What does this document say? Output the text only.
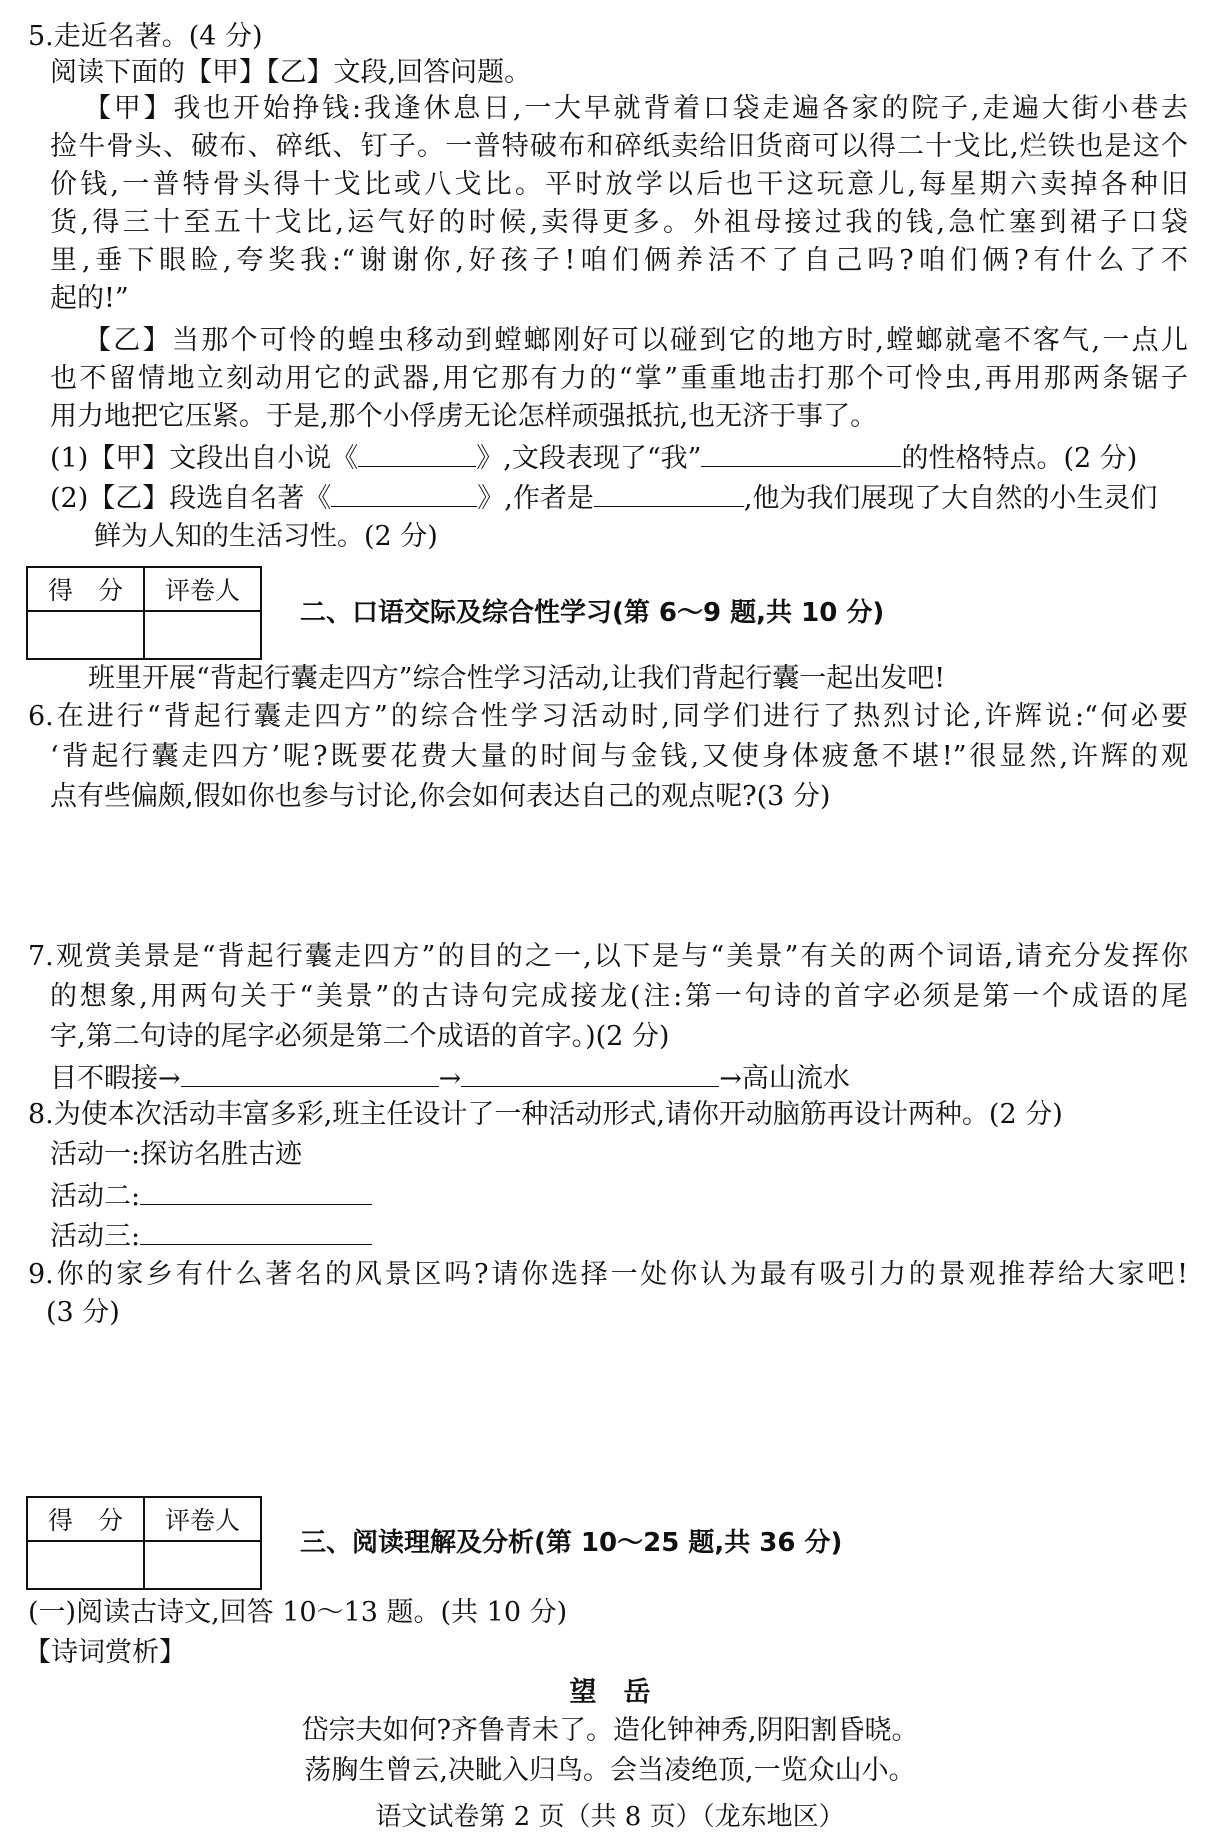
5.走近名著。(4 分)
阅读下面的【甲】【乙】文段,回答问题。
【甲】我也开始挣钱:我逢休息日,一大早就背着口袋走遍各家的院子,走遍大街小巷去
捡牛骨头、破布、碎纸、钉子。一普特破布和碎纸卖给旧货商可以得二十戈比,烂铁也是这个
价钱,一普特骨头得十戈比或八戈比。平时放学以后也干这玩意儿,每星期六卖掉各种旧
货,得三十至五十戈比,运气好的时候,卖得更多。外祖母接过我的钱,急忙塞到裙子口袋
里,垂下眼睑,夸奖我:“谢谢你,好孩子!咱们俩养活不了自己吗?咱们俩?有什么了不
起的!”
【乙】当那个可怜的蝗虫移动到螳螂刚好可以碰到它的地方时,螳螂就毫不客气,一点儿
也不留情地立刻动用它的武器,用它那有力的“掌”重重地击打那个可怜虫,再用那两条锯子
用力地把它压紧。于是,那个小俘虏无论怎样顽强抵抗,也无济于事了。
(1)【甲】文段出自小说《	》,文段表现了“我”	的性格特点。(2 分)
(2)【乙】段选自名著《	》,作者是	,他为我们展现了大自然的小生灵们
鲜为人知的生活习性。(2 分)
得　分	评卷人

二、口语交际及综合性学习(第 6～9 题,共 10 分)
班里开展“背起行囊走四方”综合性学习活动,让我们背起行囊一起出发吧!
6.在进行“背起行囊走四方”的综合性学习活动时,同学们进行了热烈讨论,许辉说:“何必要
‘背起行囊走四方’呢?既要花费大量的时间与金钱,又使身体疲惫不堪!”很显然,许辉的观
点有些偏颇,假如你也参与讨论,你会如何表达自己的观点呢?(3 分)
7.观赏美景是“背起行囊走四方”的目的之一,以下是与“美景”有关的两个词语,请充分发挥你
的想象,用两句关于“美景”的古诗句完成接龙(注:第一句诗的首字必须是第一个成语的尾
字,第二句诗的尾字必须是第二个成语的首字。)(2 分)
目不暇接→	→	→高山流水
8.为使本次活动丰富多彩,班主任设计了一种活动形式,请你开动脑筋再设计两种。(2 分)
活动一:探访名胜古迹
活动二:
活动三:
9.你的家乡有什么著名的风景区吗?请你选择一处你认为最有吸引力的景观推荐给大家吧!
(3 分)
得　分	评卷人

三、阅读理解及分析(第 10～25 题,共 36 分)
(一)阅读古诗文,回答 10～13 题。(共 10 分)
【诗词赏析】
望　岳
岱宗夫如何?齐鲁青未了。造化钟神秀,阴阳割昏晓。
荡胸生曾云,决眦入归鸟。会当凌绝顶,一览众山小。
语文试卷第 2 页（共 8 页）（龙东地区）
